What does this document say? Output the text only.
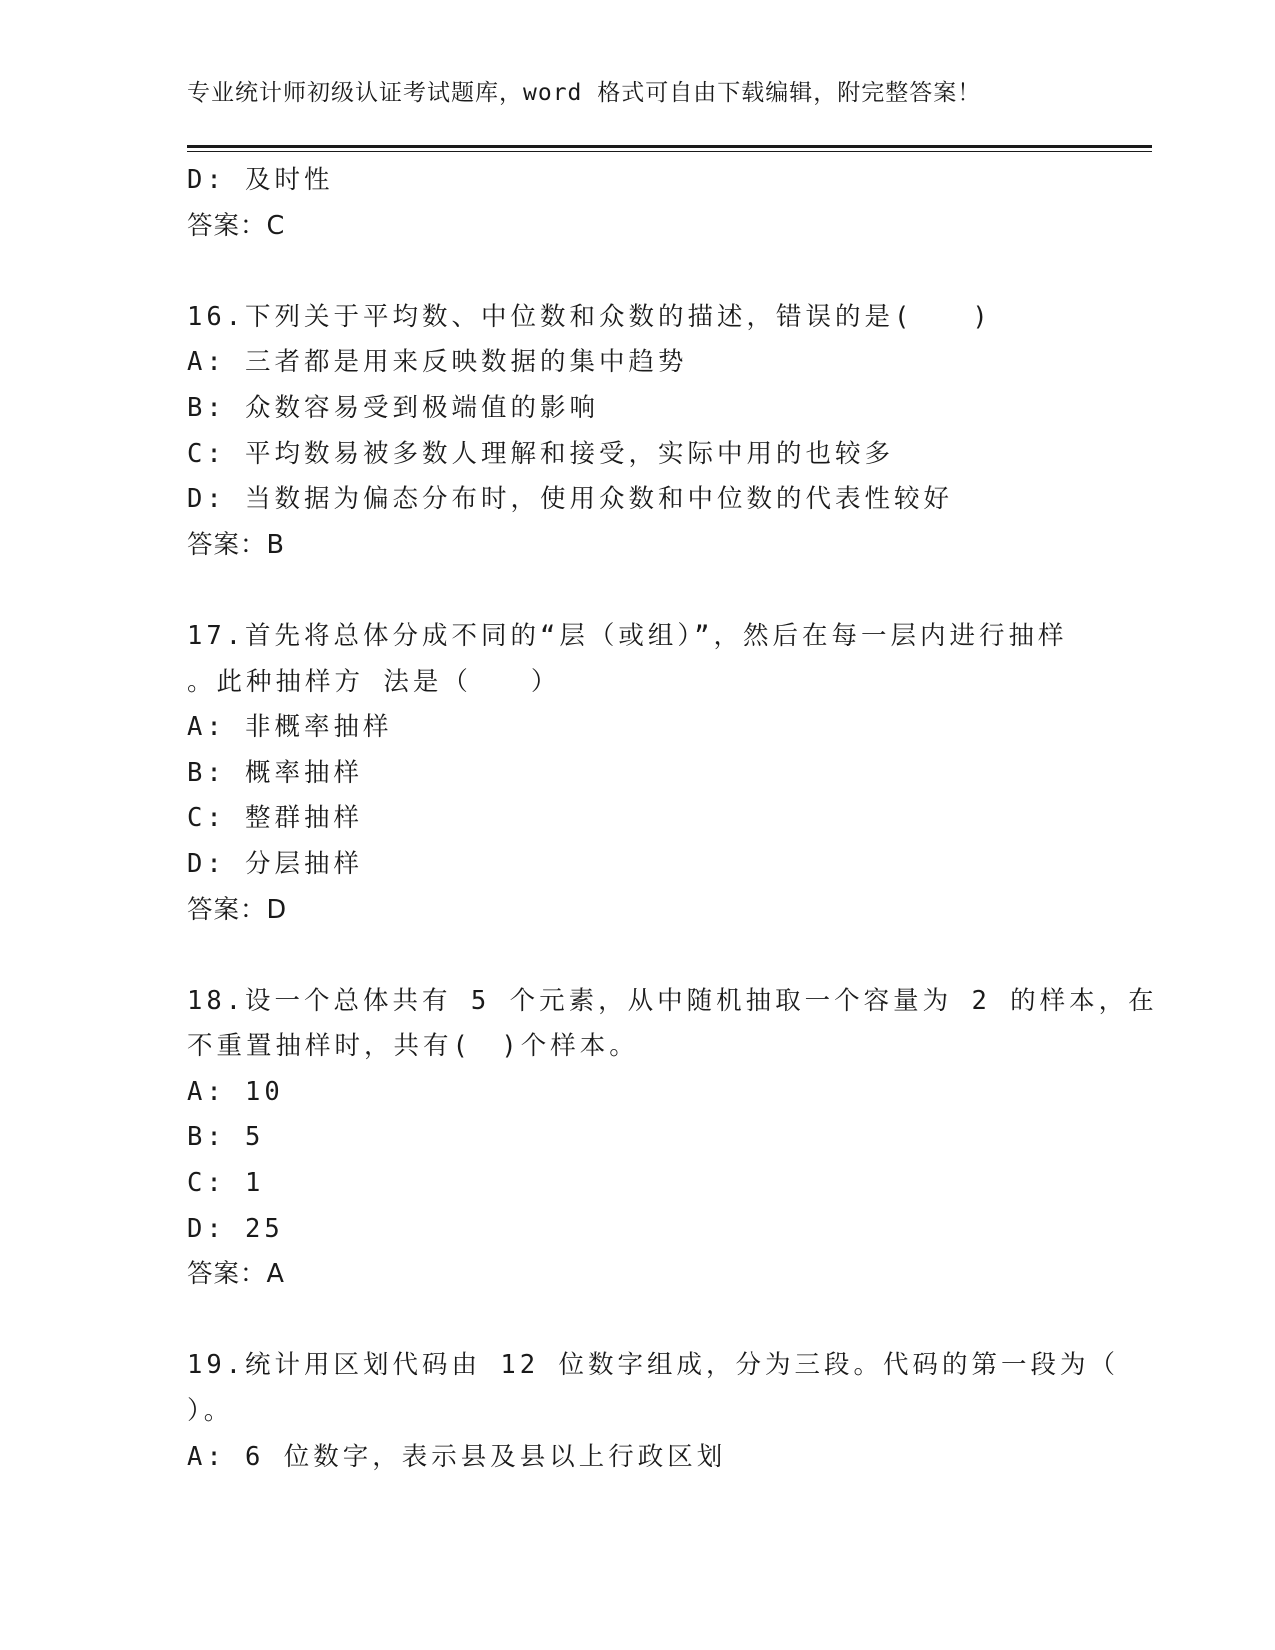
专业统计师初级认证考试题库，word 格式可自由下载编辑，附完整答案！
D: 及时性
答案：C
16.下列关于平均数、中位数和众数的描述，错误的是(　　)
A: 三者都是用来反映数据的集中趋势
B: 众数容易受到极端值的影响
C: 平均数易被多数人理解和接受，实际中用的也较多
D: 当数据为偏态分布时，使用众数和中位数的代表性较好
答案：B
17.首先将总体分成不同的“层（或组）”，然后在每一层内进行抽样
。此种抽样方 法是（　　）
A: 非概率抽样
B: 概率抽样
C: 整群抽样
D: 分层抽样
答案：D
18.设一个总体共有 5 个元素，从中随机抽取一个容量为 2 的样本，在
不重置抽样时，共有(　)个样本。
A: 10
B: 5
C: 1
D: 25
答案：A
19.统计用区划代码由 12 位数字组成，分为三段。代码的第一段为（
）。
A: 6 位数字，表示县及县以上行政区划
